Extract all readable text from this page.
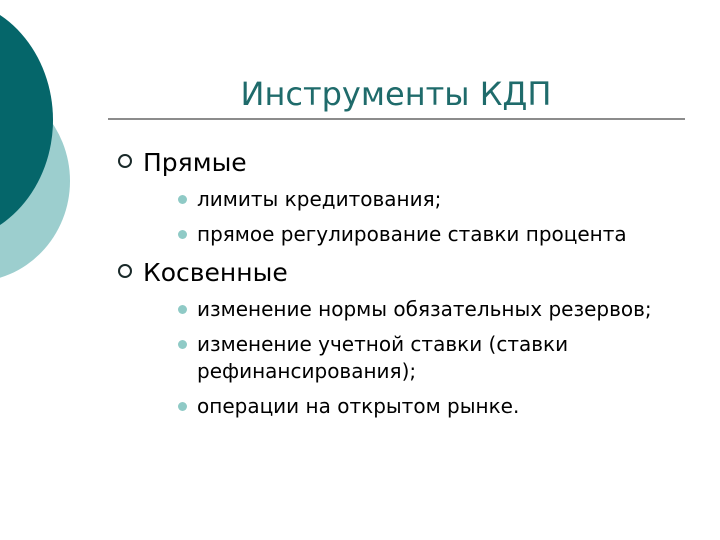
Инструменты КДП
Прямые
лимиты кредитования;
прямое регулирование ставки процента
Косвенные
изменение нормы обязательных резервов;
изменение учетной ставки (ставки рефинансирования);
операции на открытом рынке.
